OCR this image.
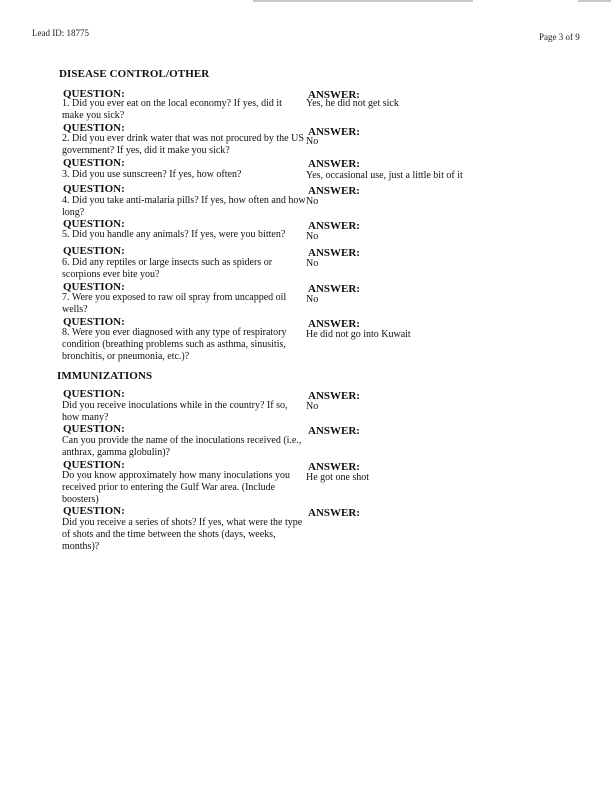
Lead ID: 18775	Page 3 of 9
DISEASE CONTROL/OTHER
QUESTION:
1. Did you ever eat on the local economy? If yes, did it make you sick?
ANSWER:
Yes, he did not get sick
QUESTION:
2. Did you ever drink water that was not procured by the US government? If yes, did it make you sick?
ANSWER:
No
QUESTION:
3. Did you use sunscreen? If yes, how often?
ANSWER:
Yes, occasional use, just a little bit of it
QUESTION:
4. Did you take anti-malaria pills? If yes, how often and how long?
ANSWER:
No
QUESTION:
5. Did you handle any animals? If yes, were you bitten?
ANSWER:
No
QUESTION:
6. Did any reptiles or large insects such as spiders or scorpions ever bite you?
ANSWER:
No
QUESTION:
7. Were you exposed to raw oil spray from uncapped oil wells?
ANSWER:
No
QUESTION:
8. Were you ever diagnosed with any type of respiratory condition (breathing problems such as asthma, sinusitis, bronchitis, or pneumonia, etc.)?
ANSWER:
He did not go into Kuwait
IMMUNIZATIONS
QUESTION:
Did you receive inoculations while in the country? If so, how many?
ANSWER:
No
QUESTION:
Can you provide the name of the inoculations received (i.e., anthrax, gamma globulin)?
ANSWER:
QUESTION:
Do you know approximately how many inoculations you received prior to entering the Gulf War area. (Include boosters)
ANSWER:
He got one shot
QUESTION:
Did you receive a series of shots? If yes, what were the type of shots and the time between the shots (days, weeks, months)?
ANSWER:
